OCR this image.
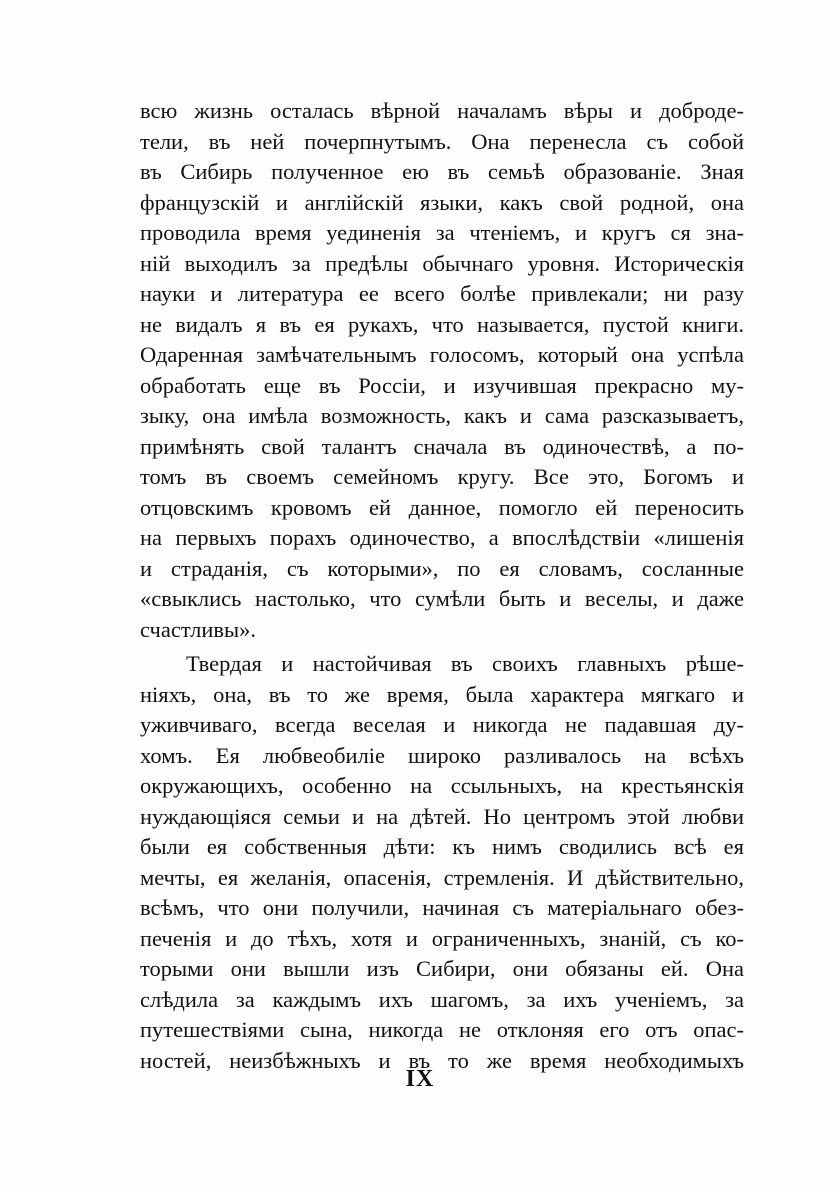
всю жизнь осталась вѣрной началамъ вѣры и доброде-
тели, въ ней почерпнутымъ. Она перенесла съ собой
въ Сибирь полученное ею въ семьѣ образованіе. Зная
французскій и англійскій языки, какъ свой родной, она
проводила время уединенія за чтеніемъ, и кругъ ся зна-
ній выходилъ за предѣлы обычнаго уровня. Историческія
науки и литература ее всего болѣе привлекали; ни разу
не видалъ я въ ея рукахъ, что называется, пустой книги.
Одаренная замѣчательнымъ голосомъ, который она успѣла
обработать еще въ Россіи, и изучившая прекрасно му-
зыку, она имѣла возможность, какъ и сама разсказываетъ,
примѣнять свой талантъ сначала въ одиночествѣ, а по-
томъ въ своемъ семейномъ кругу. Все это, Богомъ и
отцовскимъ кровомъ ей данное, помогло ей переносить
на первыхъ порахъ одиночество, а впослѣдствіи «лишенія
и страданія, съ которыми», по ея словамъ, сосланные
«свыклись настолько, что сумѣли быть и веселы, и даже
счастливы».
Твердая и настойчивая въ своихъ главныхъ рѣше-
ніяхъ, она, въ то же время, была характера мягкаго и
уживчиваго, всегда веселая и никогда не падавшая ду-
хомъ. Ея любвеобиліе широко разливалось на всѣхъ
окружающихъ, особенно на ссыльныхъ, на крестьянскія
нуждающіяся семьи и на дѣтей. Но центромъ этой любви
были ея собственныя дѣти: къ нимъ сводились всѣ ея
мечты, ея желанія, опасенія, стремленія. И дѣйствительно,
всѣмъ, что они получили, начиная съ матеріальнаго обез-
печенія и до тѣхъ, хотя и ограниченныхъ, знаній, съ ко-
торыми они вышли изъ Сибири, они обязаны ей. Она
слѣдила за каждымъ ихъ шагомъ, за ихъ ученіемъ, за
путешествіями сына, никогда не отклоняя его отъ опас-
ностей, неизбѣжныхъ и въ то же время необходимыхъ
IX
